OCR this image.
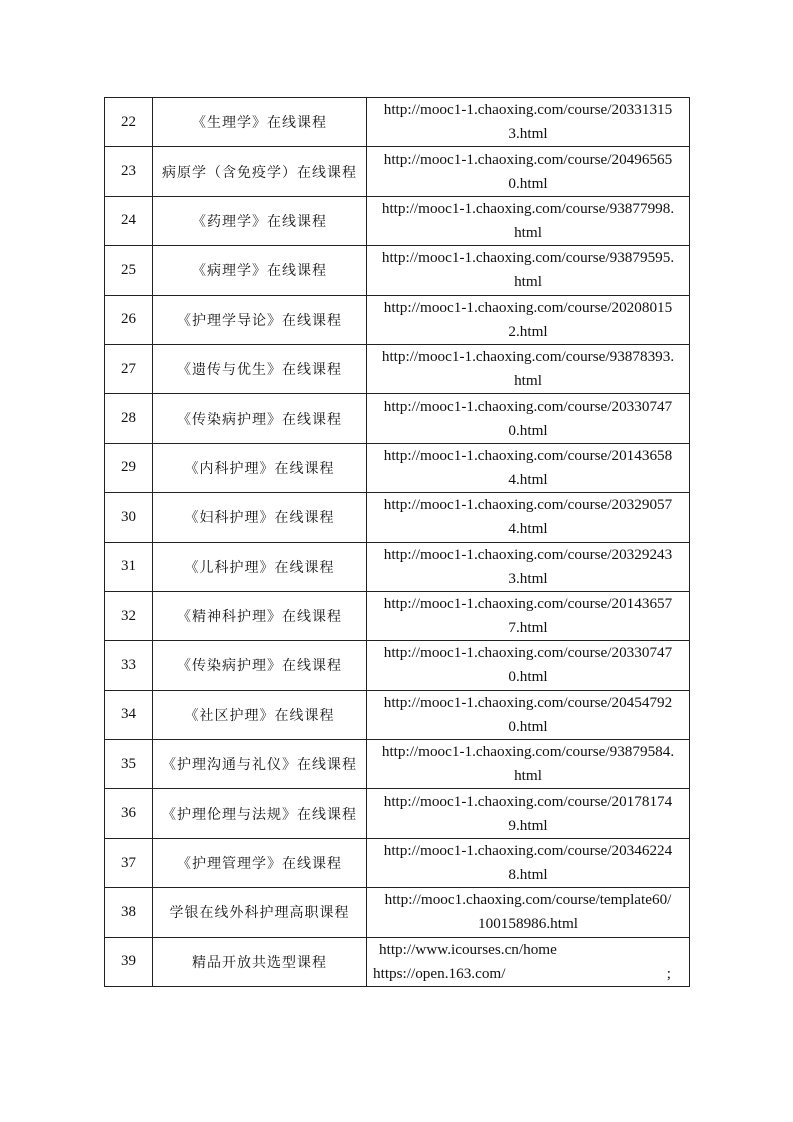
22	《生理学》在线课程	http://mooc1-1.chaoxing.com/course/20331315
3.html

23	病原学（含免疫学）在线课程	http://mooc1-1.chaoxing.com/course/20496565
0.html

24	《药理学》在线课程	http://mooc1-1.chaoxing.com/course/93877998.
html

25	《病理学》在线课程	http://mooc1-1.chaoxing.com/course/93879595.
html

26	《护理学导论》在线课程	http://mooc1-1.chaoxing.com/course/20208015
2.html

27	《遗传与优生》在线课程	http://mooc1-1.chaoxing.com/course/93878393.
html

28	《传染病护理》在线课程	http://mooc1-1.chaoxing.com/course/20330747
0.html

29	《内科护理》在线课程	http://mooc1-1.chaoxing.com/course/20143658
4.html

30	《妇科护理》在线课程	http://mooc1-1.chaoxing.com/course/20329057
4.html

31	《儿科护理》在线课程	http://mooc1-1.chaoxing.com/course/20329243
3.html

32	《精神科护理》在线课程	http://mooc1-1.chaoxing.com/course/20143657
7.html

33	《传染病护理》在线课程	http://mooc1-1.chaoxing.com/course/20330747
0.html

34	《社区护理》在线课程	http://mooc1-1.chaoxing.com/course/20454792
0.html

35	《护理沟通与礼仪》在线课程	http://mooc1-1.chaoxing.com/course/93879584.
html

36	《护理伦理与法规》在线课程	http://mooc1-1.chaoxing.com/course/20178174
9.html

37	《护理管理学》在线课程	http://mooc1-1.chaoxing.com/course/20346224
8.html

38	学银在线外科护理高职课程	http://mooc1.chaoxing.com/course/template60/
100158986.html

39	精品开放共选型课程	http://www.icourses.cn/home
;
https://open.163.com/
